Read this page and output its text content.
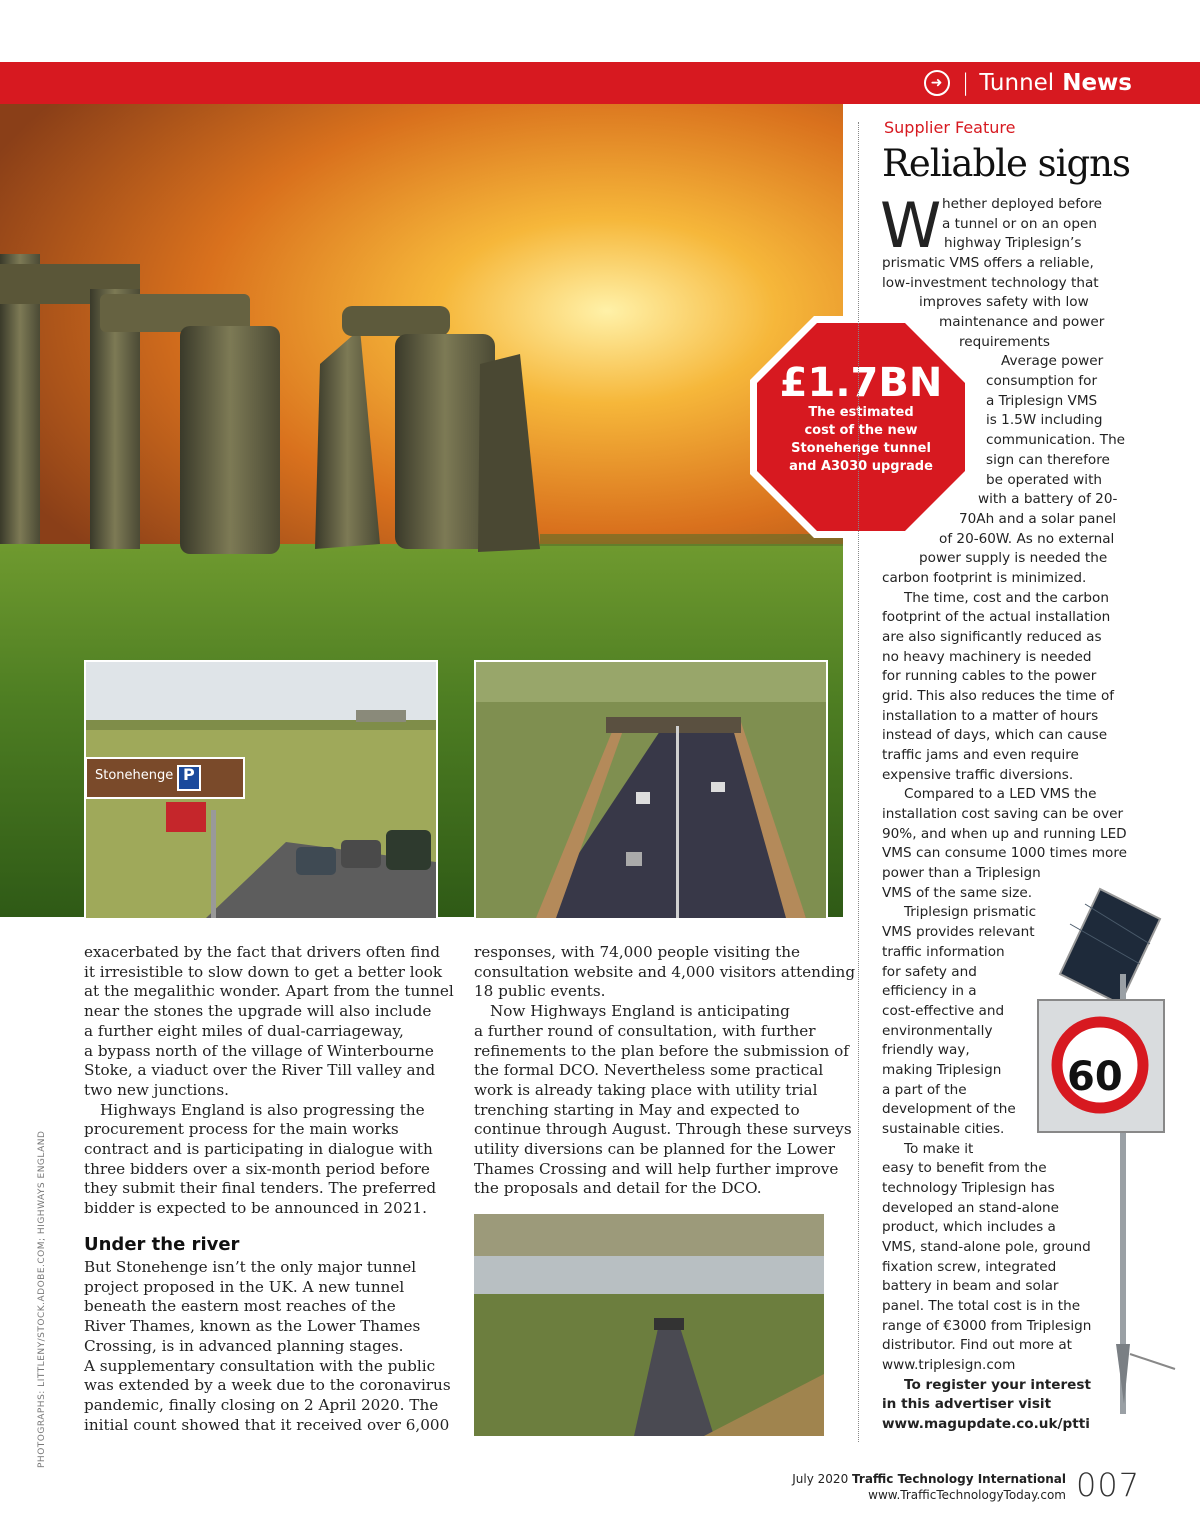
➜ | Tunnel News
Stonehenge P
£1.7BN
The estimated
cost of the new
Stonehenge tunnel
and A3030 upgrade
60
PHOTOGRAPHS: LITTLENY/STOCK.ADOBE.COM; HIGHWAYS ENGLAND
Supplier Feature
Reliable signs
W hether deployed before
a tunnel or on an open
highway Triplesign’s
prismatic VMS offers a reliable,
low-investment technology that
improves safety with low
maintenance and power
requirements
Average power
consumption for
a Triplesign VMS
is 1.5W including
communication. The
sign can therefore
be operated with
with a battery of 20-
70Ah and a solar panel
of 20-60W. As no external
power supply is needed the
carbon footprint is minimized.
The time, cost and the carbon
footprint of the actual installation
are also significantly reduced as
no heavy machinery is needed
for running cables to the power
grid. This also reduces the time of
installation to a matter of hours
instead of days, which can cause
traffic jams and even require
expensive traffic diversions.
Compared to a LED VMS the
installation cost saving can be over
90%, and when up and running LED
VMS can consume 1000 times more
power than a Triplesign
VMS of the same size.
Triplesign prismatic
VMS provides relevant
traffic information
for safety and
efficiency in a
cost-effective and
environmentally
friendly way,
making Triplesign
a part of the
development of the
sustainable cities.
To make it
easy to benefit from the
technology Triplesign has
developed an stand-alone
product, which includes a
VMS, stand-alone pole, ground
fixation screw, integrated
battery in beam and solar
panel. The total cost is in the
range of €3000 from Triplesign
distributor. Find out more at
www.triplesign.com
To register your interest
in this advertiser visit
www.magupdate.co.uk/ptti
exacerbated by the fact that drivers often find
it irresistible to slow down to get a better look
at the megalithic wonder. Apart from the tunnel
near the stones the upgrade will also include
a further eight miles of dual-carriageway,
a bypass north of the village of Winterbourne
Stoke, a viaduct over the River Till valley and
two new junctions.
Highways England is also progressing the
procurement process for the main works
contract and is participating in dialogue with
three bidders over a six-month period before
they submit their final tenders. The preferred
bidder is expected to be announced in 2021.
Under the river
But Stonehenge isn’t the only major tunnel
project proposed in the UK. A new tunnel
beneath the eastern most reaches of the
River Thames, known as the Lower Thames
Crossing, is in advanced planning stages.
A supplementary consultation with the public
was extended by a week due to the coronavirus
pandemic, finally closing on 2 April 2020. The
initial count showed that it received over 6,000
responses, with 74,000 people visiting the
consultation website and 4,000 visitors attending
18 public events.
Now Highways England is anticipating
a further round of consultation, with further
refinements to the plan before the submission of
the formal DCO. Nevertheless some practical
work is already taking place with utility trial
trenching starting in May and expected to
continue through August. Through these surveys
utility diversions can be planned for the Lower
Thames Crossing and will help further improve
the proposals and detail for the DCO.
July 2020 Traffic Technology International
www.TrafficTechnologyToday.com 007
